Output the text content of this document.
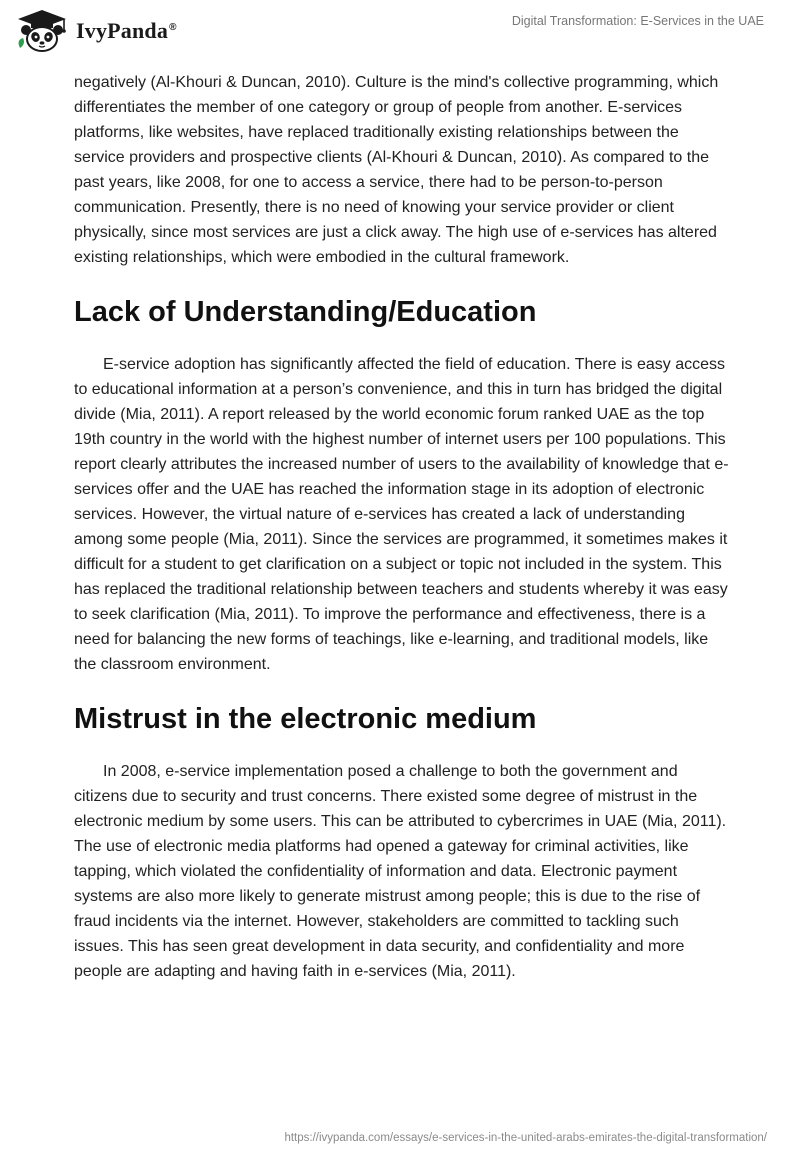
IvyPanda®	Digital Transformation: E-Services in the UAE

negatively (Al-Khouri & Duncan, 2010). Culture is the mind's collective programming, which differentiates the member of one category or group of people from another. E-services platforms, like websites, have replaced traditionally existing relationships between the service providers and prospective clients (Al-Khouri & Duncan, 2010). As compared to the past years, like 2008, for one to access a service, there had to be person-to-person communication. Presently, there is no need of knowing your service provider or client physically, since most services are just a click away. The high use of e-services has altered existing relationships, which were embodied in the cultural framework.

Lack of Understanding/Education

E-service adoption has significantly affected the field of education. There is easy access to educational information at a person’s convenience, and this in turn has bridged the digital divide (Mia, 2011). A report released by the world economic forum ranked UAE as the top 19th country in the world with the highest number of internet users per 100 populations. This report clearly attributes the increased number of users to the availability of knowledge that e-services offer and the UAE has reached the information stage in its adoption of electronic services. However, the virtual nature of e-services has created a lack of understanding among some people (Mia, 2011). Since the services are programmed, it sometimes makes it difficult for a student to get clarification on a subject or topic not included in the system. This has replaced the traditional relationship between teachers and students whereby it was easy to seek clarification (Mia, 2011). To improve the performance and effectiveness, there is a need for balancing the new forms of teachings, like e-learning, and traditional models, like the classroom environment.

Mistrust in the electronic medium

In 2008, e-service implementation posed a challenge to both the government and citizens due to security and trust concerns. There existed some degree of mistrust in the electronic medium by some users. This can be attributed to cybercrimes in UAE (Mia, 2011). The use of electronic media platforms had opened a gateway for criminal activities, like tapping, which violated the confidentiality of information and data. Electronic payment systems are also more likely to generate mistrust among people; this is due to the rise of fraud incidents via the internet. However, stakeholders are committed to tackling such issues. This has seen great development in data security, and confidentiality and more people are adapting and having faith in e-services (Mia, 2011).

https://ivypanda.com/essays/e-services-in-the-united-arabs-emirates-the-digital-transformation/
